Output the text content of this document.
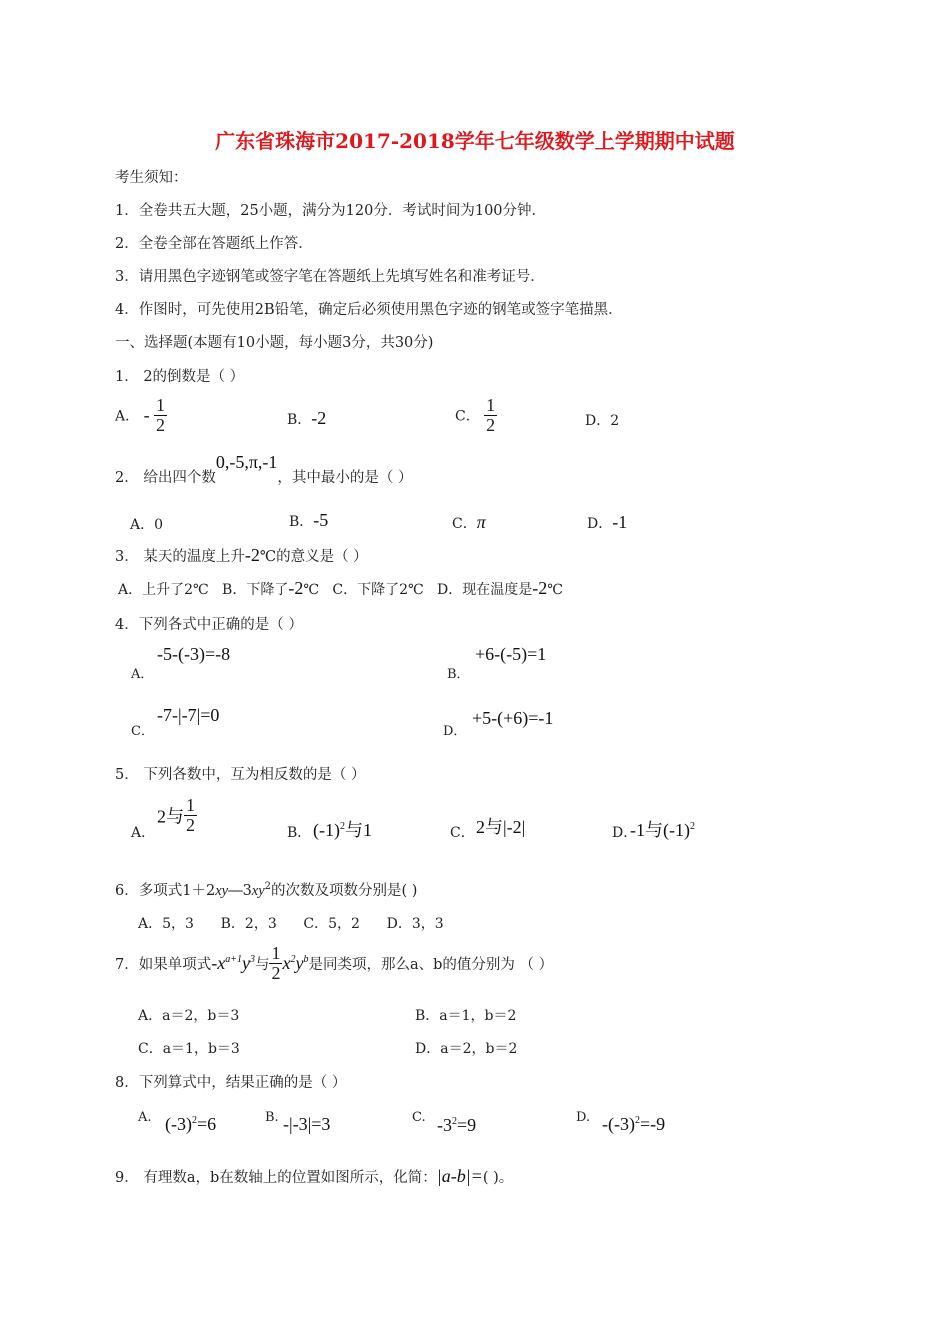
广东省珠海市2017-2018学年七年级数学上学期期中试题
考生须知：
1．全卷共五大题，25小题，满分为120分．考试时间为100分钟．
2．全卷全部在答题纸上作答．
3．请用黑色字迹钢笔或签字笔在答题纸上先填写姓名和准考证号．
4．作图时，可先使用2B铅笔，确定后必须使用黑色字迹的钢笔或签字笔描黑．
一、选择题(本题有10小题，每小题3分，共30分)
1． 2的倒数是（ ）
A． - $\frac{1}{2}$	B．-2	C． $\frac{1}{2}$	D．2
2． 给出四个数0,-5,π,-1，其中最小的是（ ）
A．0	B．-5	C．π	D．-1
3． 某天的温度上升-2℃的意义是（ ）
A．上升了2℃ B．下降了-2℃ C．下降了2℃ D．现在温度是-2℃
4．下列各式中正确的是（ ）
A．
-5-(-3)=-8
B．
+6-(-5)=1
C．
-7-|-7|=0
D．
+5-(+6)=-1
5． 下列各数中，互为相反数的是（ ）
A．
2与 $\frac{1}{2}$	B． $(-1)^2$与1	C． 2与|-2|	D．
-1与$(-1)^2$
6．多项式$1+2xy―3xy^2$的次数及项数分别是( )
A．5，3      B．2，3      C．5，2      D．3，3
7．如果单项式$-x^{a+1}y^3$与 $\frac{1}{2} x^2y^b$是同类项，那么a、b的值分别为 （ ）
A．a＝2，b＝3	B．a＝1，b＝2
C．a＝1，b＝3	D．a＝2，b＝2
8．下列算式中，结果正确的是（ ）
A. $(-3)^2=6$	B. -|-3|=3	C. $-3^2=9$	D. $-(-3)^2=-9$
9． 有理数a，b在数轴上的位置如图所示，化简：|a-b|=( )。
